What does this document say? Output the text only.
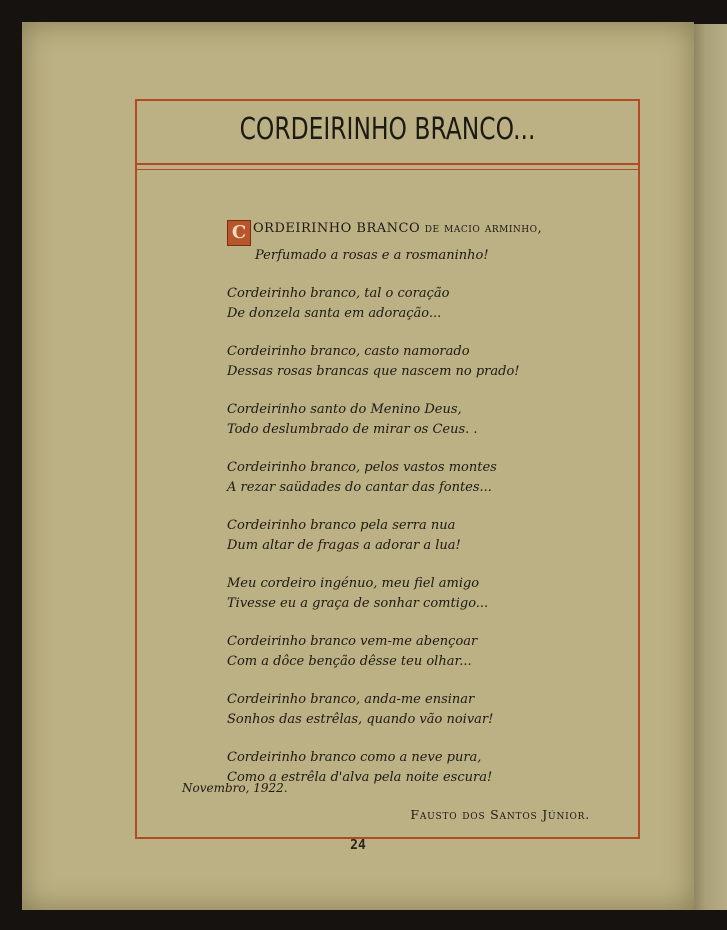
CORDEIRINHO BRANCO...
C ORDEIRINHO BRANCO de macio arminho,
Perfumado a rosas e a rosmaninho!
Cordeirinho branco, tal o coração
De donzela santa em adoração...
Cordeirinho branco, casto namorado
Dessas rosas brancas que nascem no prado!
Cordeirinho santo do Menino Deus,
Todo deslumbrado de mirar os Ceus. .
Cordeirinho branco, pelos vastos montes
A rezar saüdades do cantar das fontes...
Cordeirinho branco pela serra nua
Dum altar de fragas a adorar a lua!
Meu cordeiro ingénuo, meu fiel amigo
Tivesse eu a graça de sonhar comtigo...
Cordeirinho branco vem-me abençoar
Com a dôce benção dêsse teu olhar...
Cordeirinho branco, anda-me ensinar
Sonhos das estrêlas, quando vão noivar!
Cordeirinho branco como a neve pura,
Como a estrêla d'alva pela noite escura!
Novembro, 1922.
Fausto dos Santos Júnior.
24
